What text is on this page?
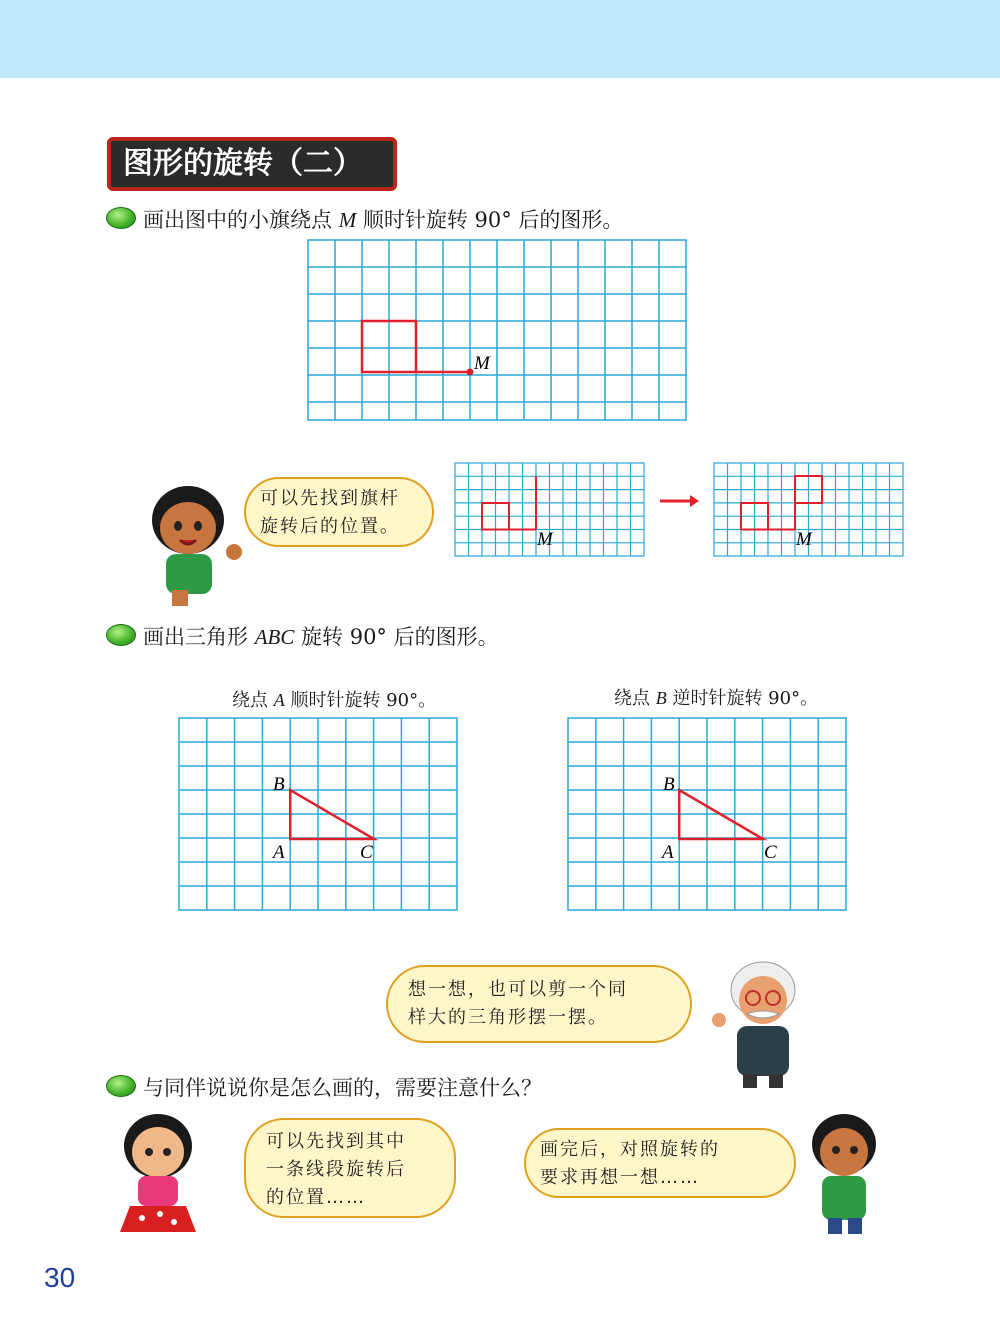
图形的旋转（二）
画出图中的小旗绕点 M 顺时针旋转 90° 后的图形。
M
可以先找到旗杆
旋转后的位置。
M	M
画出三角形 ABC 旋转 90° 后的图形。
绕点 A 顺时针旋转 90°。	绕点 B 逆时针旋转 90°。
B
A	C
B
A	C
想一想，也可以剪一个同
样大的三角形摆一摆。
与同伴说说你是怎么画的，需要注意什么？
可以先找到其中
一条线段旋转后
的位置……
画完后，对照旋转的
要求再想一想……
30
